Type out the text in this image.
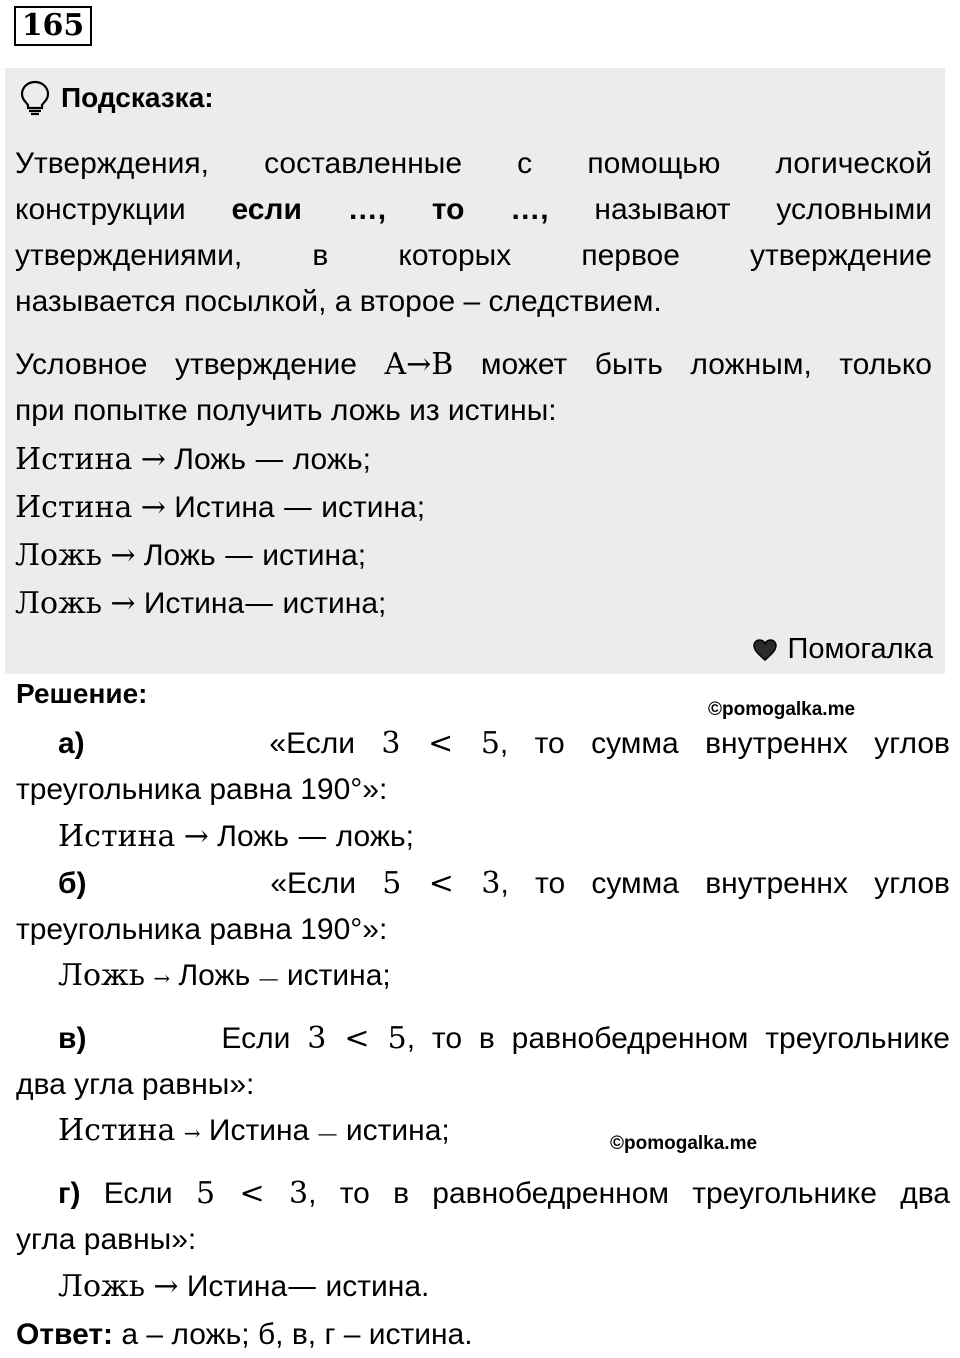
165
Подсказка:
Утверждения, составленные с помощью логической
конструкции если …, то …, называют условными
утверждениями, в которых первое утверждение
называется посылкой, а второе – следствием.
Условное утверждение A→B может быть ложным, только
при попытке получить ложь из истины:
Истина → Ложь — ложь;
Истина → Истина — истина;
Ложь → Ложь — истина;
Ложь → Истина— истина;
Помогалка
Решение:
©pomogalka.me
©pomogalka.me
а)	«Если 3 < 5, то сумма внутреннх углов
треугольника равна 190°»:
Истина → Ложь — ложь;
б)	«Если 5 < 3, то сумма внутреннх углов
треугольника равна 190°»:
Ложь → Ложь — истина;
в)	Если 3 < 5, то в равнобедренном треугольнике
два угла равны»:
Истина → Истина — истина;
г) Если 5 < 3, то в равнобедренном треугольнике два
угла равны»:
Ложь → Истина— истина.
Ответ: а – ложь; б, в, г – истина.
